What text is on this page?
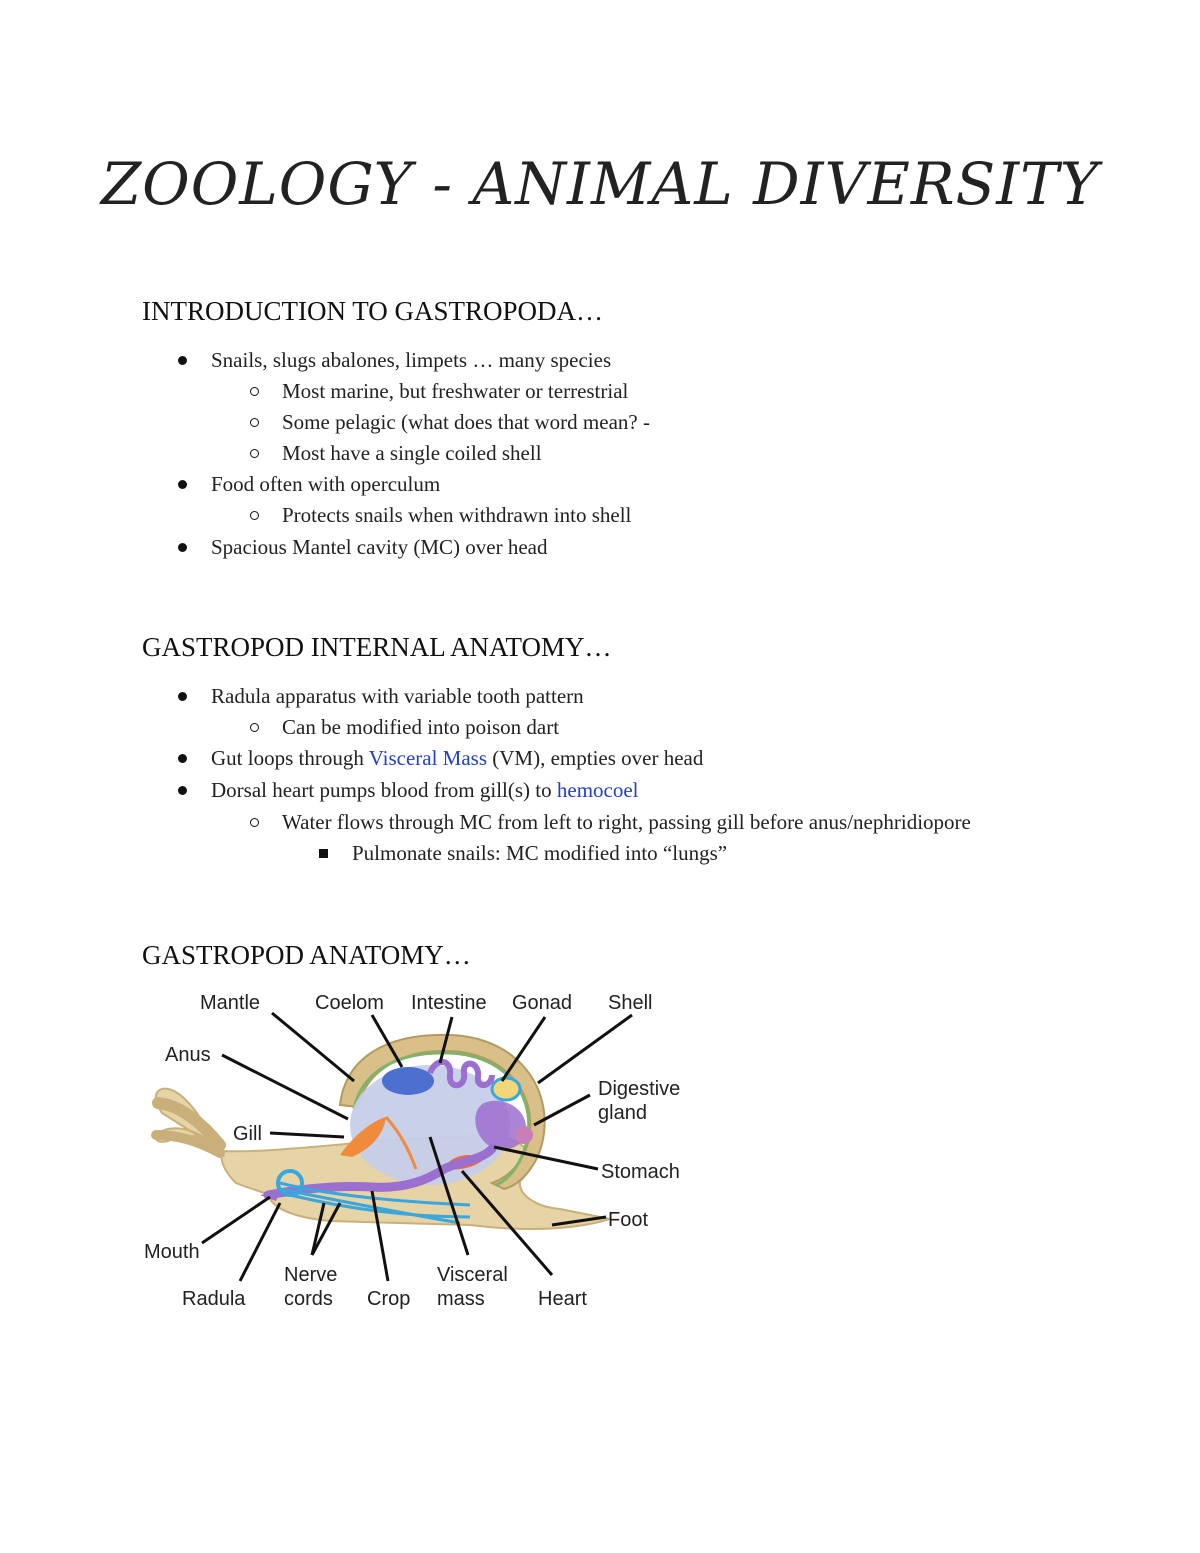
ZOOLOGY - ANIMAL DIVERSITY
INTRODUCTION TO GASTROPODA…
Snails, slugs abalones, limpets … many species
Most marine, but freshwater or terrestrial
Some pelagic (what does that word mean? -
Most have a single coiled shell
Food often with operculum
Protects snails when withdrawn into shell
Spacious Mantel cavity (MC) over head
GASTROPOD INTERNAL ANATOMY…
Radula apparatus with variable tooth pattern
Can be modified into poison dart
Gut loops through Visceral Mass (VM), empties over head
Dorsal heart pumps blood from gill(s) to hemocoel
Water flows through MC from left to right, passing gill before anus/nephridiopore
Pulmonate snails: MC modified into “lungs”
GASTROPOD ANATOMY…
Mantle	Coelom Intestine Gonad Shell
Anus
Digestive
gland
Gill
Stomach
Foot
Mouth
Radula
Nerve
cords Crop
Visceral
mass	Heart
